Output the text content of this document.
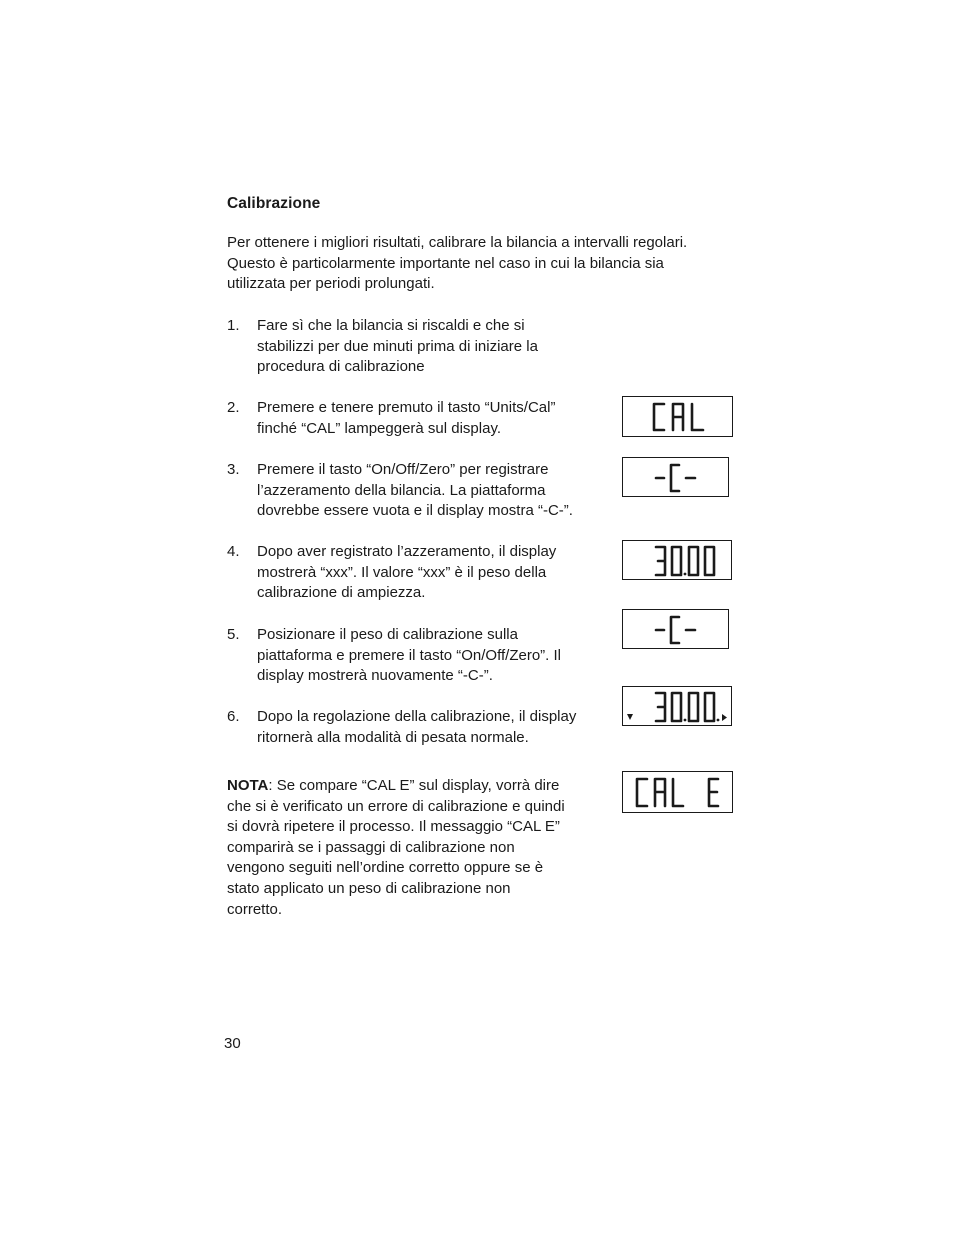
Calibrazione
Per ottenere i migliori risultati, calibrare la bilancia a intervalli regolari.
Questo è particolarmente importante nel caso in cui la bilancia sia
utilizzata per periodi prolungati.
1. Fare sì che la bilancia si riscaldi e che si
stabilizzi per due minuti prima di iniziare la
procedura di calibrazione
2. Premere e tenere premuto il tasto “Units/Cal”
finché “CAL” lampeggerà sul display.
3. Premere il tasto “On/Off/Zero” per registrare
l’azzeramento della bilancia. La piattaforma
dovrebbe essere vuota e il display mostra “-C-”.
4. Dopo aver registrato l’azzeramento, il display
mostrerà “xxx”. Il valore “xxx” è il peso della
calibrazione di ampiezza.
5. Posizionare il peso di calibrazione sulla
piattaforma e premere il tasto “On/Off/Zero”. Il
display mostrerà nuovamente “-C-”.
6. Dopo la regolazione della calibrazione, il display
ritornerà alla modalità di pesata normale.
NOTA: Se compare “CAL E” sul display, vorrà dire
che si è verificato un errore di calibrazione e quindi
si dovrà ripetere il processo. Il messaggio “CAL E”
comparirà se i passaggi di calibrazione non
vengono seguiti nell’ordine corretto oppure se è
stato applicato un peso di calibrazione non
corretto.
30
